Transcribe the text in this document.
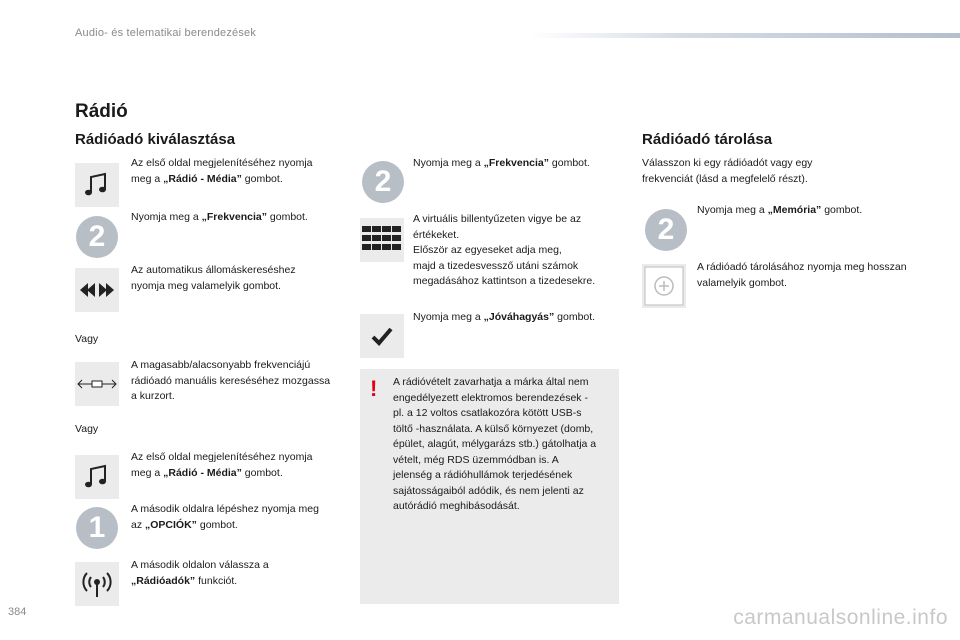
Audio- és telematikai berendezések
Rádió
Rádióadó kiválasztása
Az első oldal megjelenítéséhez nyomja meg a „Rádió - Média” gombot.
2
Nyomja meg a „Frekvencia” gombot.
Az automatikus állomáskereséshez nyomja meg valamelyik gombot.
Vagy
A magasabb/alacsonyabb frekvenciájú rádióadó manuális kereséséhez mozgassa a kurzort.
Vagy
Az első oldal megjelenítéséhez nyomja meg a „Rádió - Média” gombot.
1
A második oldalra lépéshez nyomja meg az „OPCIÓK” gombot.
A második oldalon válassza a „Rádióadók” funkciót.
2
Nyomja meg a „Frekvencia” gombot.
A virtuális billentyűzeten vigye be az
értékeket.
Először az egyeseket adja meg,
majd a tizedesvessző utáni számok
megadásához kattintson a tizedesekre.
Nyomja meg a „Jóváhagyás” gombot.
! A rádióvételt zavarhatja a márka által nem engedélyezett elektromos berendezések - pl. a 12 voltos csatlakozóra kötött USB-s töltő -használata. A külső környezet (domb, épület, alagút, mélygarázs stb.) gátolhatja a vételt, még RDS üzemmódban is. A jelenség a rádióhullámok terjedésének sajátosságaiból adódik, és nem jelenti az autórádió meghibásodását.
Rádióadó tárolása
Válasszon ki egy rádióadót vagy egy frekvenciát (lásd a megfelelő részt).
2
Nyomja meg a „Memória” gombot.
A rádióadó tárolásához nyomja meg hosszan valamelyik gombot.
384	carmanualsonline.info
